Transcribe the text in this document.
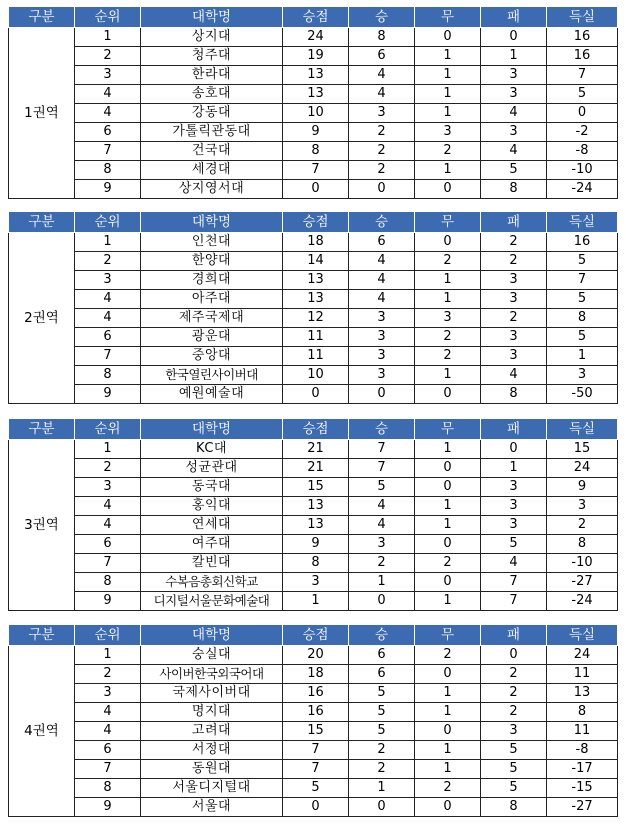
구분	순위	대학명	승점	승	무	패	득실
1권역	1	상지대	24	8	0	0	16
	2	청주대	19	6	1	1	16
	3	한라대	13	4	1	3	7
	4	송호대	13	4	1	3	5
	4	강동대	10	3	1	4	0
	6	가톨릭관동대	9	2	3	3	-2
	7	건국대	8	2	2	4	-8
	8	세경대	7	2	1	5	-10
	9	상지영서대	0	0	0	8	-24
구분	순위	대학명	승점	승	무	패	득실
2권역	1	인천대	18	6	0	2	16
	2	한양대	14	4	2	2	5
	3	경희대	13	4	1	3	7
	4	아주대	13	4	1	3	5
	4	제주국제대	12	3	3	2	8
	6	광운대	11	3	2	3	5
	7	중앙대	11	3	2	3	1
	8	한국열린사이버대	10	3	1	4	3
	9	예원예술대	0	0	0	8	-50
구분	순위	대학명	승점	승	무	패	득실
3권역	1	KC대	21	7	1	0	15
	2	성균관대	21	7	0	1	24
	3	동국대	15	5	0	3	9
	4	홍익대	13	4	1	3	3
	4	연세대	13	4	1	3	2
	6	여주대	9	3	0	5	8
	7	칼빈대	8	2	2	4	-10
	8	수복음총회신학교	3	1	0	7	-27
	9	디지털서울문화예술대	1	0	1	7	-24
구분	순위	대학명	승점	승	무	패	득실
4권역	1	숭실대	20	6	2	0	24
	2	사이버한국외국어대	18	6	0	2	11
	3	국제사이버대	16	5	1	2	13
	4	명지대	16	5	1	2	8
	4	고려대	15	5	0	3	11
	6	서정대	7	2	1	5	-8
	7	동원대	7	2	1	5	-17
	8	서울디지털대	5	1	2	5	-15
	9	서울대	0	0	0	8	-27
